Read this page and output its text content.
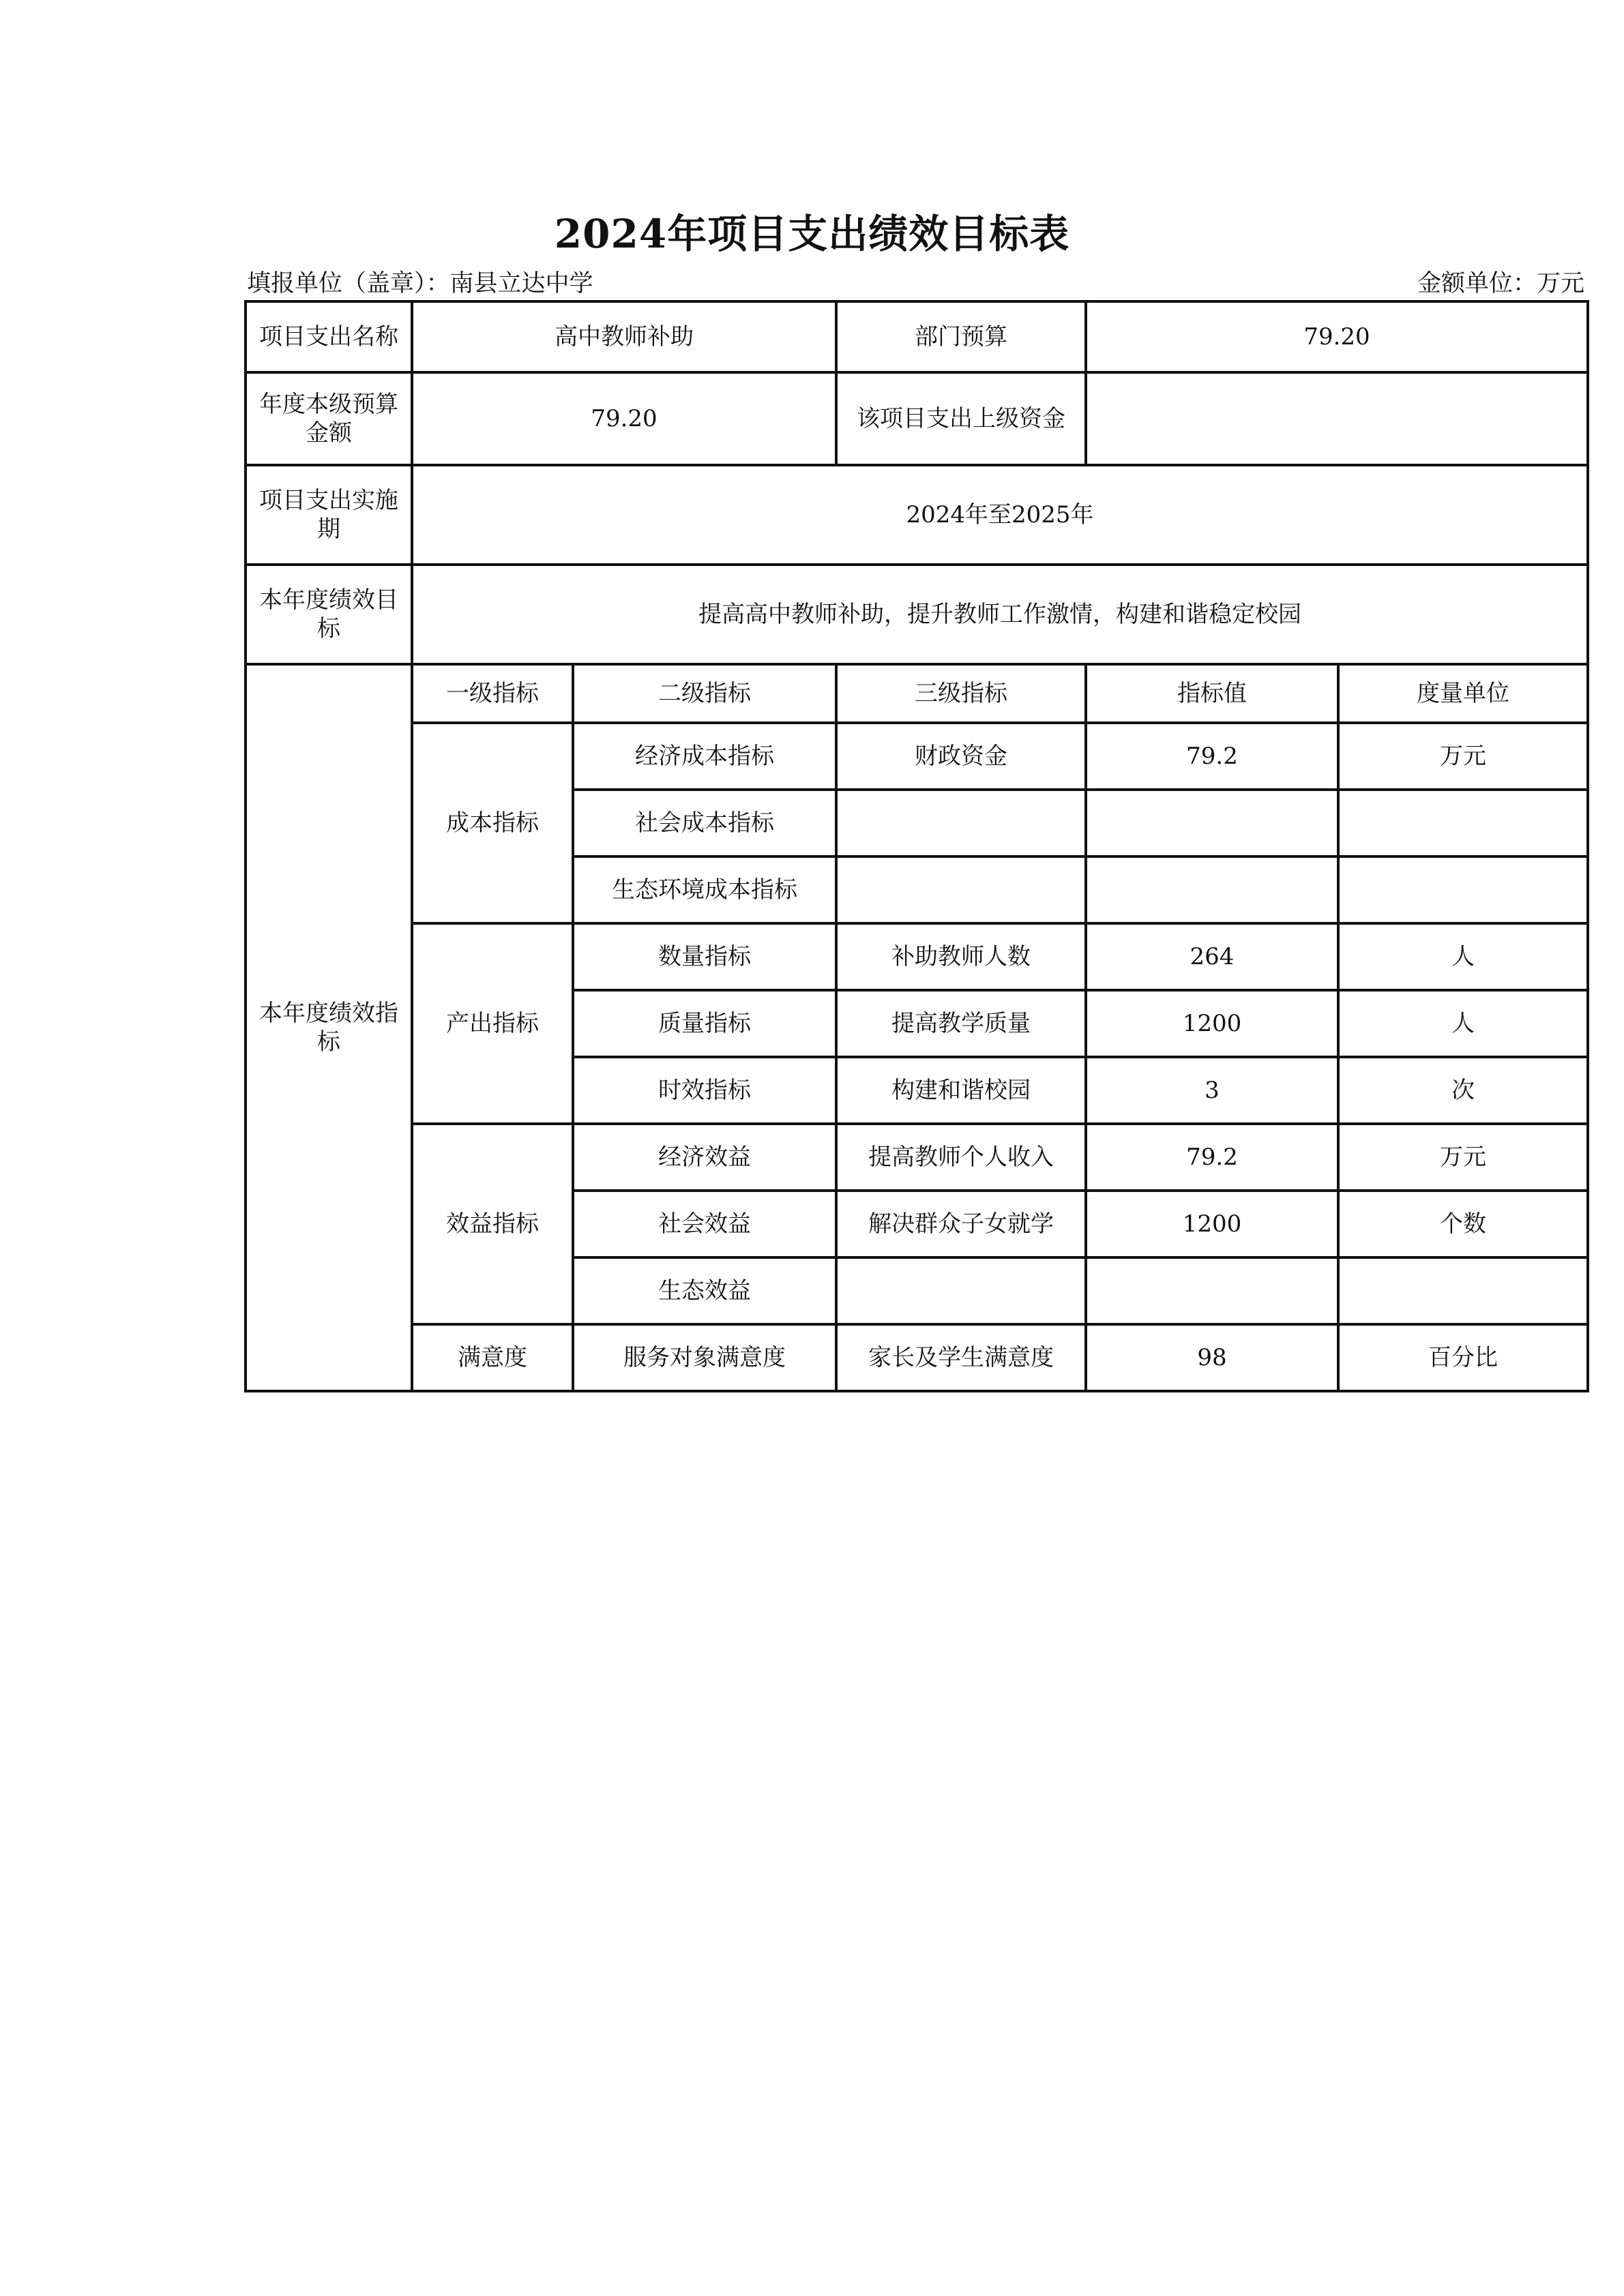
2024年项目支出绩效目标表
填报单位（盖章）：南县立达中学	金额单位：万元
项目支出名称	高中教师补助		部门预算	79.20	
年度本级预算金额	79.20		该项目支出上级资金		
项目支出实施期	2024年至2025年				
本年度绩效目标	提高高中教师补助，提升教师工作激情，构建和谐稳定校园				
本年度绩效指标	一级指标	二级指标	三级指标	指标值	度量单位
	成本指标	经济成本指标	财政资金	79.2	万元
		社会成本指标			
		生态环境成本指标			
	产出指标	数量指标	补助教师人数	264	人
		质量指标	提高教学质量	1200	人
		时效指标	构建和谐校园	3	次
	效益指标	经济效益	提高教师个人收入	79.2	万元
		社会效益	解决群众子女就学	1200	个数
		生态效益			
	满意度	服务对象满意度	家长及学生满意度	98	百分比
